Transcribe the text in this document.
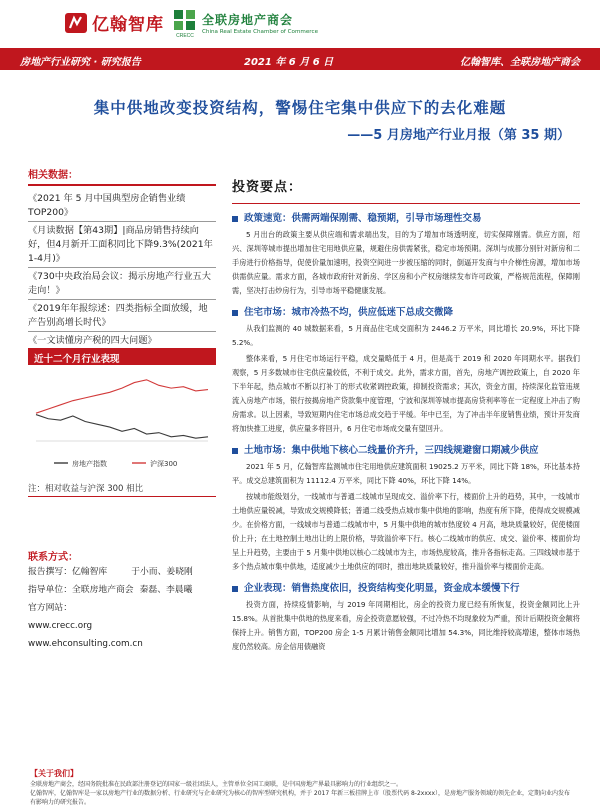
亿翰智库
CRECC
全联房地产商会
China Real Estate Chamber of Commerce
房地产行业研究 · 研究报告	2021 年 6 月 6 日	亿翰智库、全联房地产商会
集中供地改变投资结构，警惕住宅集中供应下的去化难题
——5 月房地产行业月报（第 35 期）
相关数据：
《2021 年 5 月中国典型房企销售业绩 TOP200》
《月读数据【第43期】|商品房销售持续向好，但4月新开工面积同比下降9.3%(2021年1-4月)》
《730中央政治局会议：揭示房地产行业五大走向！》
《2019年年报综述：四类指标全面放缓，地产告别高增长时代》
《一文读懂房产税的四大问题》
近十二个月行业表现
房地产指数	沪深300
注：相对收益与沪深 300 相比
联系方式：
报告撰写：亿翰智库	于小而、姜晓刚
指导单位：全联房地产商会 秦磊、李晨曦
官方网站：
www.crecc.org
www.ehconsulting.com.cn
投资要点：
政策速览：供需两端保刚需、稳预期，引导市场理性交易

5 月出台的政策主要从供应端和需求端出发，目的为了增加市场透明度，切实保障刚需。供应方面，绍兴、深圳等城市提出增加住宅用地供应量，规避住房供需紧张，稳定市场预期。深圳与成都分别针对新房和二手房进行价格指导，促使价量加速明，投资空间进一步被压缩的同时，倒逼开发商与中介梯性房源，增加市场供需供应量。需求方面，各城市政府针对新房、学区房和小产权房继续发布许可政策，严格规范流程，保障刚需，坚决打击炒房行为，引导市场平稳健康发展。

住宅市场：城市冷热不均，供应低迷下总成交微降

从我们监测的 40 城数据来看，5 月商品住宅成交面积为 2446.2 万平米，同比增长 20.9%，环比下降 5.2%。

整体来看，5 月住宅市场运行平稳，成交量略低于 4 月，但是高于 2019 和 2020 年同期水平。据我们观察，5 月多数城市住宅供应量较低，不利于成交。此外，需求方面，首先，房地产调控政策上，自 2020 年下半年起，热点城市不断以打补丁的形式收紧调控政策，抑制投资需求；其次，资金方面，持续深化监管违规流入房地产市场，银行按揭房地产贷款集中度管理，宁波和深圳等城市提高房贷利率等在一定程度上冲击了购房需求。以上因素，导致短期内住宅市场总成交趋于平缓。年中已至，为了冲击半年度销售业绩，预计开发商将加快推工进度，供应量多将回升，6 月住宅市场成交量有望回升。

土地市场：集中供地下核心二线量价齐升，三四线规避窗口期减少供应

2021 年 5 月，亿翰智库监测城市住宅用地供应建筑面积 19025.2 万平米，同比下降 18%，环比基本持平。成交总建筑面积为 11112.4 万平米，同比下降 40%，环比下降 14%。

按城市能级划分，一线城市与普通二线城市呈现成交、溢价率下行，楼面价上升的趋势，其中，一线城市土地供应量锐减，导致成交规模降低；普通二线受热点城市集中供地的影响，热度有所下降，使得成交规模减少。在价格方面，一线城市与普通二线城市中，5 月集中供地的城市热度较 4 月高，地块质量较好，促使楼面价上升；在土地控制土地出让的上限价格，导致溢价率下行。核心二线城市的供应、成交、溢价率、楼面价均呈上升趋势，主要由于 5 月集中供地以核心二线城市为主，市场热度较高，推升各指标走高。三四线城市基于多个热点城市集中供地，适度减少土地供应的同时，推出地块质量较好，推升溢价率与楼面价走高。

企业表现：销售热度依旧，投资结构变化明显，资金成本缓慢下行

投资方面，持续疫情影响，与 2019 年同期相比，房企的投资力度已经有所恢复，投资金额同比上升 15.8%。从首批集中供地的热度来看，房企投资意愿较强，不过冷热不均现象较为严重，预计后期投资金额将保持上升。销售方面，TOP200 房企 1-5 月累计销售金额同比增加 54.3%，同比维持较高增速，整体市场热度仍然较高。房企信用债融资

【关于我们】
全联房地产商会，经国务院批准在民政部注册登记的国家一级社团法人，主管单位全国工商联，是中国房地产界最具影响力的行业组织之一。
亿翰智库，亿翰智库是一家以房地产行业的数据分析、行业研究与企业研究为核心的智库型研究机构，并于 2017 年新三板挂牌上市（股票代码 8-2xxxx），是房地产服务领域的领先企业，定期向业内发布有影响力的研究报告。
